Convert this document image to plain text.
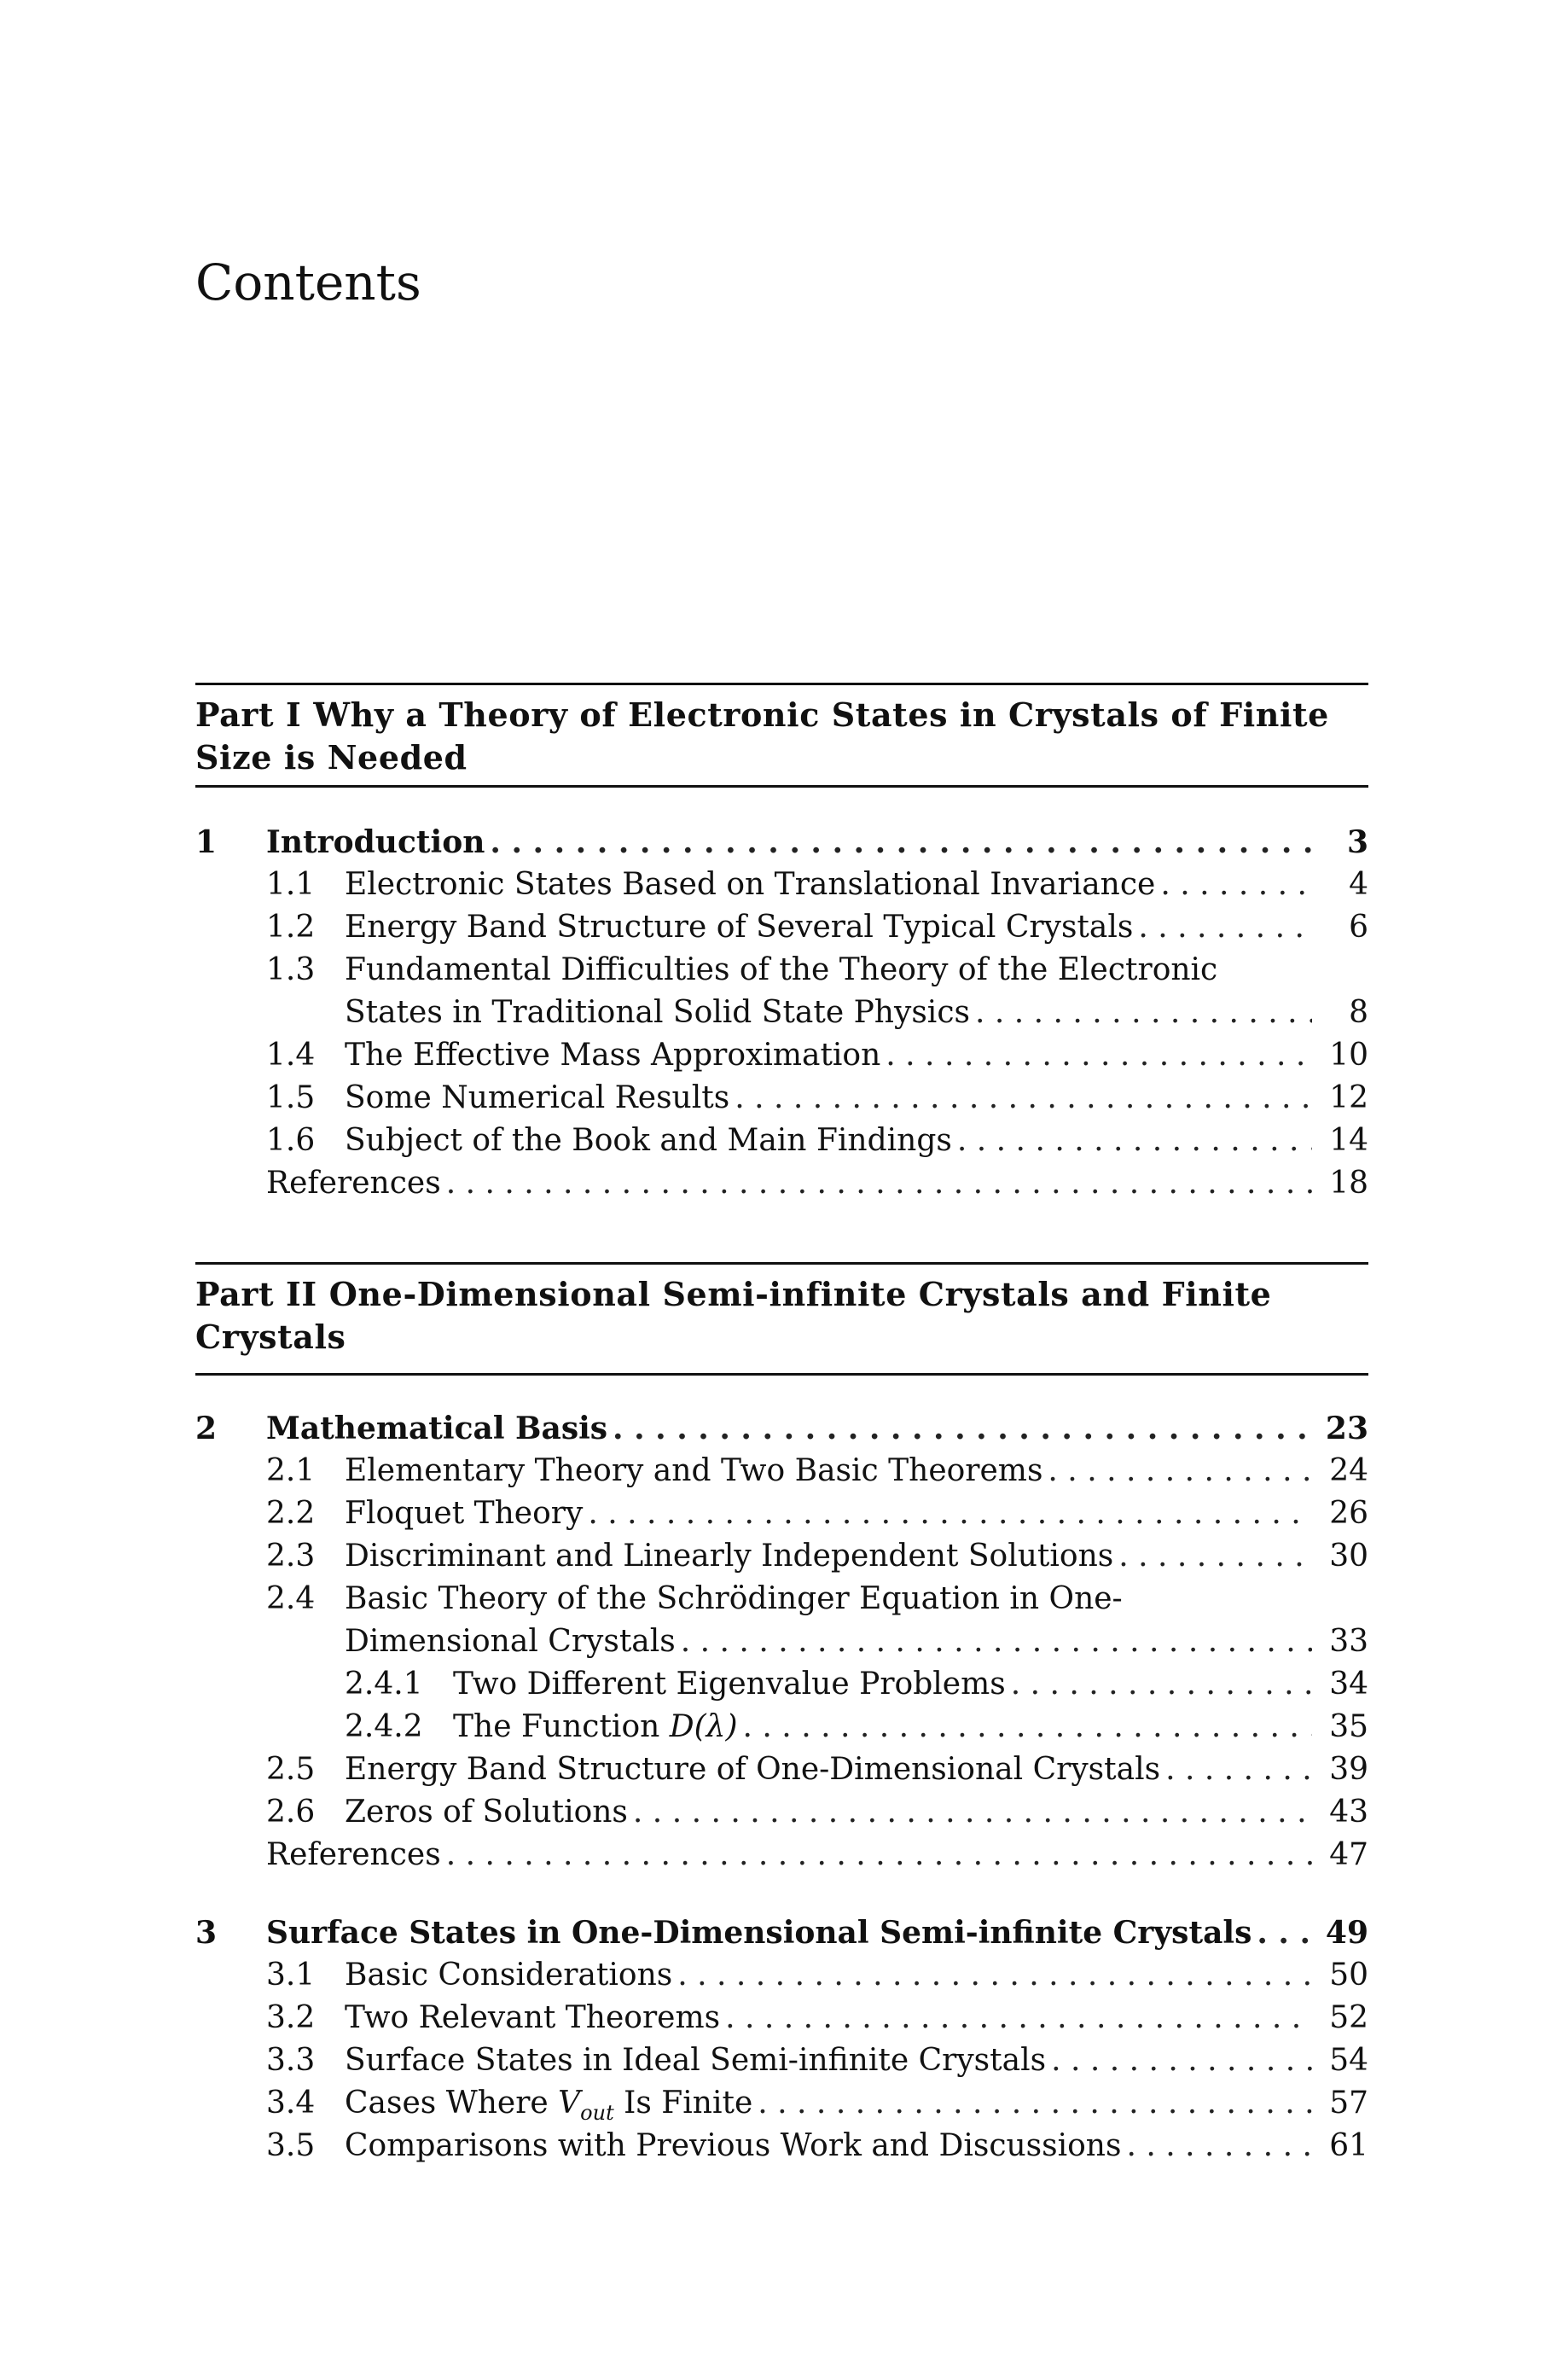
Contents
Part I Why a Theory of Electronic States in Crystals of Finite
Size is Needed
1 Introduction . . .	3
1.1 Electronic States Based on Translational Invariance . . .	4
1.2 Energy Band Structure of Several Typical Crystals . . .	6
1.3 Fundamental Difficulties of the Theory of the Electronic
States in Traditional Solid State Physics . . .	8
1.4 The Effective Mass Approximation . . .	10
1.5 Some Numerical Results . . .	12
1.6 Subject of the Book and Main Findings . . .	14
References . . .	18
Part II One-Dimensional Semi-infinite Crystals and Finite
Crystals
2 Mathematical Basis . . .	23
2.1 Elementary Theory and Two Basic Theorems . . .	24
2.2 Floquet Theory . . .	26
2.3 Discriminant and Linearly Independent Solutions . . .	30
2.4 Basic Theory of the Schrödinger Equation in One-
Dimensional Crystals . . .	33
2.4.1 Two Different Eigenvalue Problems . . .	34
2.4.2 The Function D(λ) . . .	35
2.5 Energy Band Structure of One-Dimensional Crystals . . .	39
2.6 Zeros of Solutions . . .	43
References . . .	47
3 Surface States in One-Dimensional Semi-infinite Crystals . . . 49
3.1 Basic Considerations . . .	50
3.2 Two Relevant Theorems . . .	52
3.3 Surface States in Ideal Semi-infinite Crystals . . .	54
3.4 Cases Where $V_{out}$ Is Finite . . .	57
3.5 Comparisons with Previous Work and Discussions . . .	61
